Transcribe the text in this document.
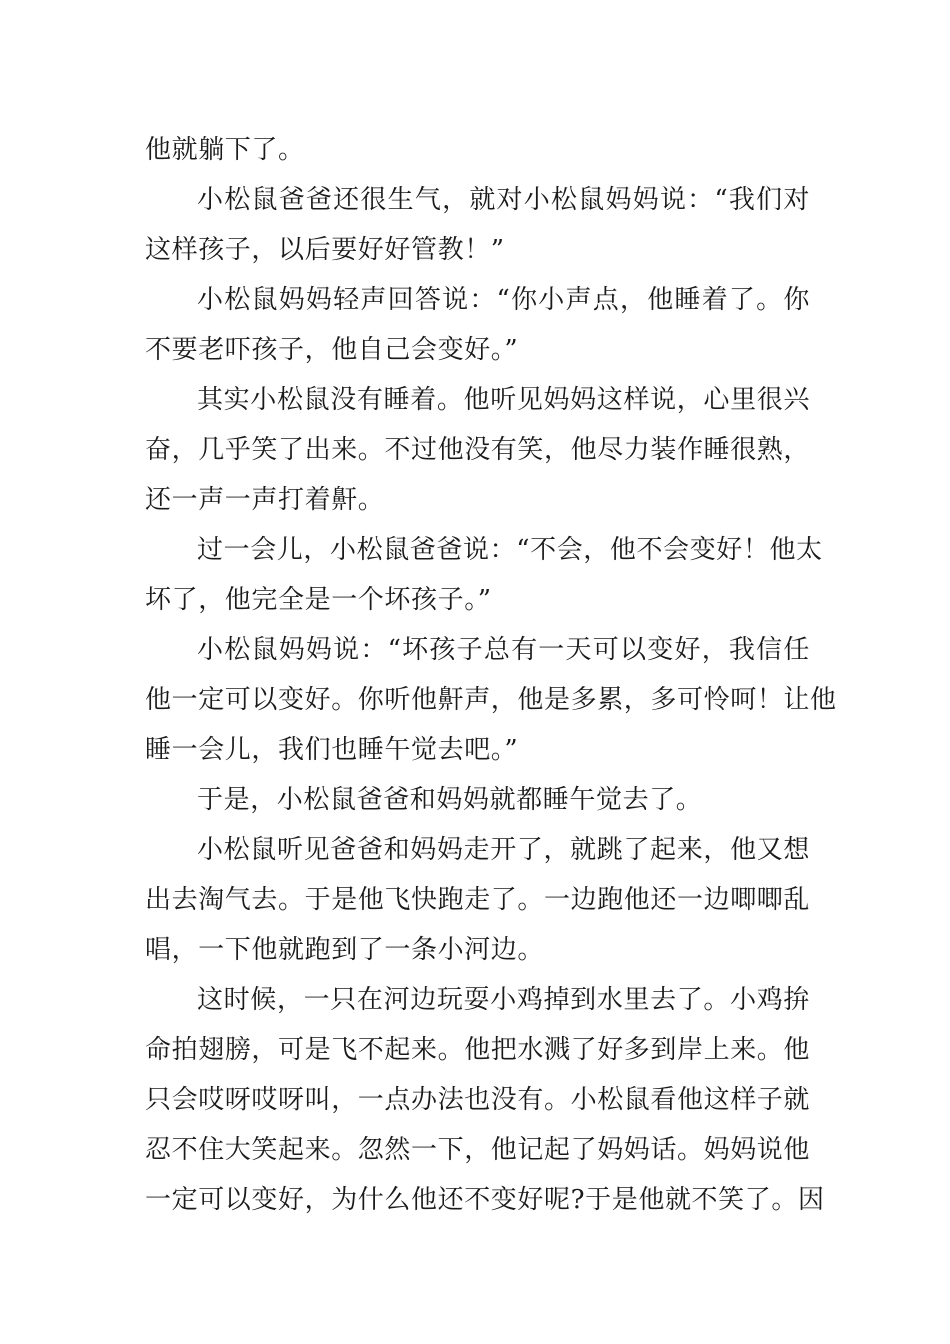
他就躺下了。
小松鼠爸爸还很生气，就对小松鼠妈妈说：“我们对
这样孩子，以后要好好管教！”
小松鼠妈妈轻声回答说：“你小声点，他睡着了。你
不要老吓孩子，他自己会变好。”
其实小松鼠没有睡着。他听见妈妈这样说，心里很兴
奋，几乎笑了出来。不过他没有笑，他尽力装作睡很熟，
还一声一声打着鼾。
过一会儿，小松鼠爸爸说：“不会，他不会变好！他太
坏了，他完全是一个坏孩子。”
小松鼠妈妈说：“坏孩子总有一天可以变好，我信任
他一定可以变好。你听他鼾声，他是多累，多可怜呵！让他
睡一会儿，我们也睡午觉去吧。”
于是，小松鼠爸爸和妈妈就都睡午觉去了。
小松鼠听见爸爸和妈妈走开了，就跳了起来，他又想
出去淘气去。于是他飞快跑走了。一边跑他还一边唧唧乱
唱，一下他就跑到了一条小河边。
这时候，一只在河边玩耍小鸡掉到水里去了。小鸡拚
命拍翅膀，可是飞不起来。他把水溅了好多到岸上来。他
只会哎呀哎呀叫，一点办法也没有。小松鼠看他这样子就
忍不住大笑起来。忽然一下，他记起了妈妈话。妈妈说他
一定可以变好，为什么他还不变好呢?于是他就不笑了。因
